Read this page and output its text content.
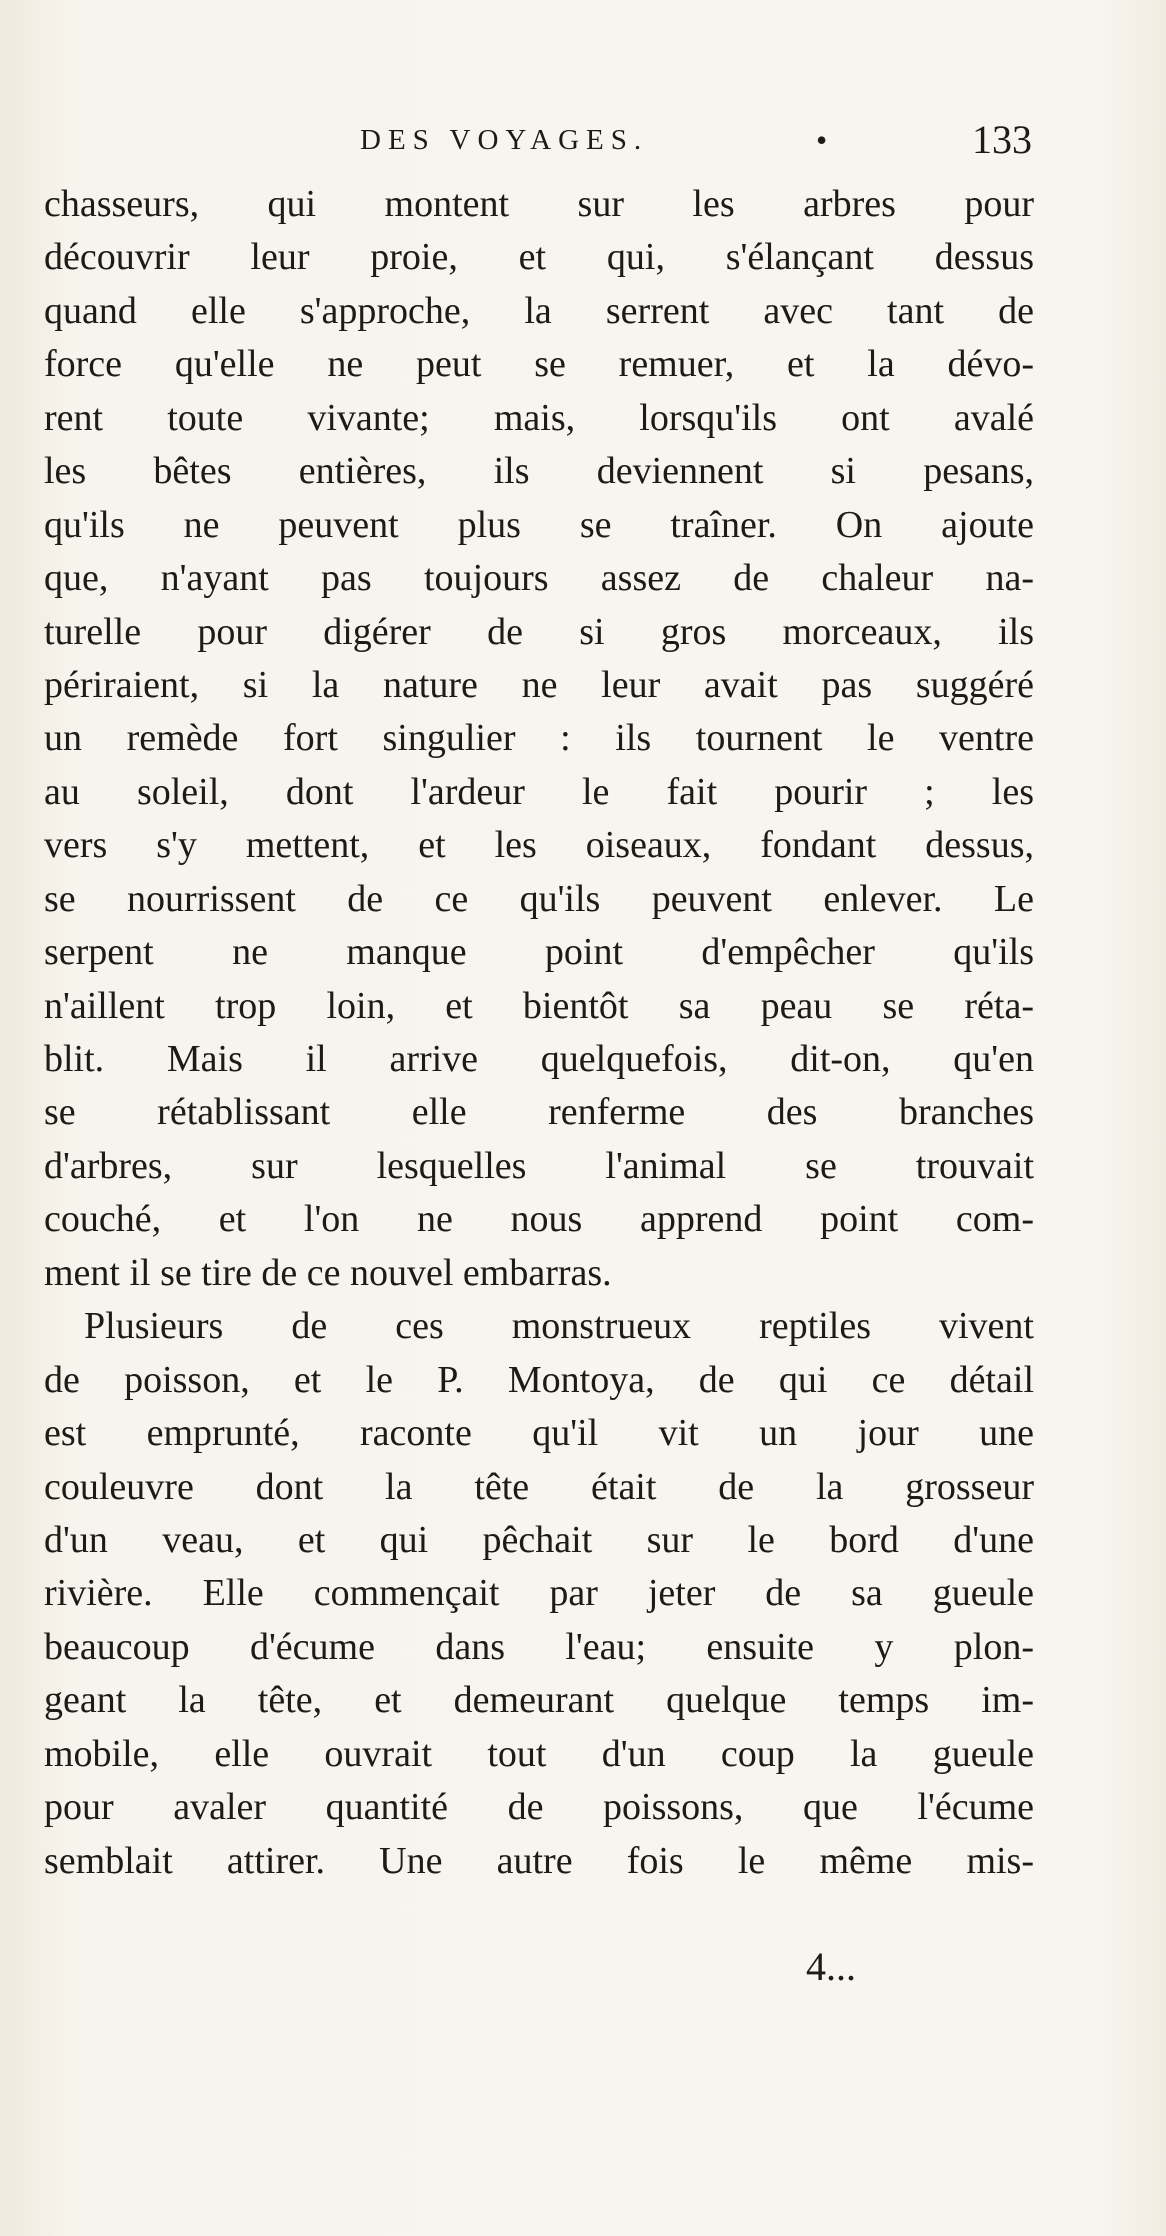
DES VOYAGES.	•	133
chasseurs, qui montent sur les arbres pour
découvrir leur proie, et qui, s'élançant dessus
quand elle s'approche, la serrent avec tant de
force qu'elle ne peut se remuer, et la dévo-
rent toute vivante; mais, lorsqu'ils ont avalé
les bêtes entières, ils deviennent si pesans,
qu'ils ne peuvent plus se traîner. On ajoute
que, n'ayant pas toujours assez de chaleur na-
turelle pour digérer de si gros morceaux, ils
périraient, si la nature ne leur avait pas suggéré
un remède fort singulier : ils tournent le ventre
au soleil, dont l'ardeur le fait pourir ; les
vers s'y mettent, et les oiseaux, fondant dessus,
se nourrissent de ce qu'ils peuvent enlever. Le
serpent ne manque point d'empêcher qu'ils
n'aillent trop loin, et bientôt sa peau se réta-
blit. Mais il arrive quelquefois, dit-on, qu'en
se rétablissant elle renferme des branches
d'arbres, sur lesquelles l'animal se trouvait
couché, et l'on ne nous apprend point com-
ment il se tire de ce nouvel embarras.
Plusieurs de ces monstrueux reptiles vivent
de poisson, et le P. Montoya, de qui ce détail
est emprunté, raconte qu'il vit un jour une
couleuvre dont la tête était de la grosseur
d'un veau, et qui pêchait sur le bord d'une
rivière. Elle commençait par jeter de sa gueule
beaucoup d'écume dans l'eau; ensuite y plon-
geant la tête, et demeurant quelque temps im-
mobile, elle ouvrait tout d'un coup la gueule
pour avaler quantité de poissons, que l'écume
semblait attirer. Une autre fois le même mis-
4...
